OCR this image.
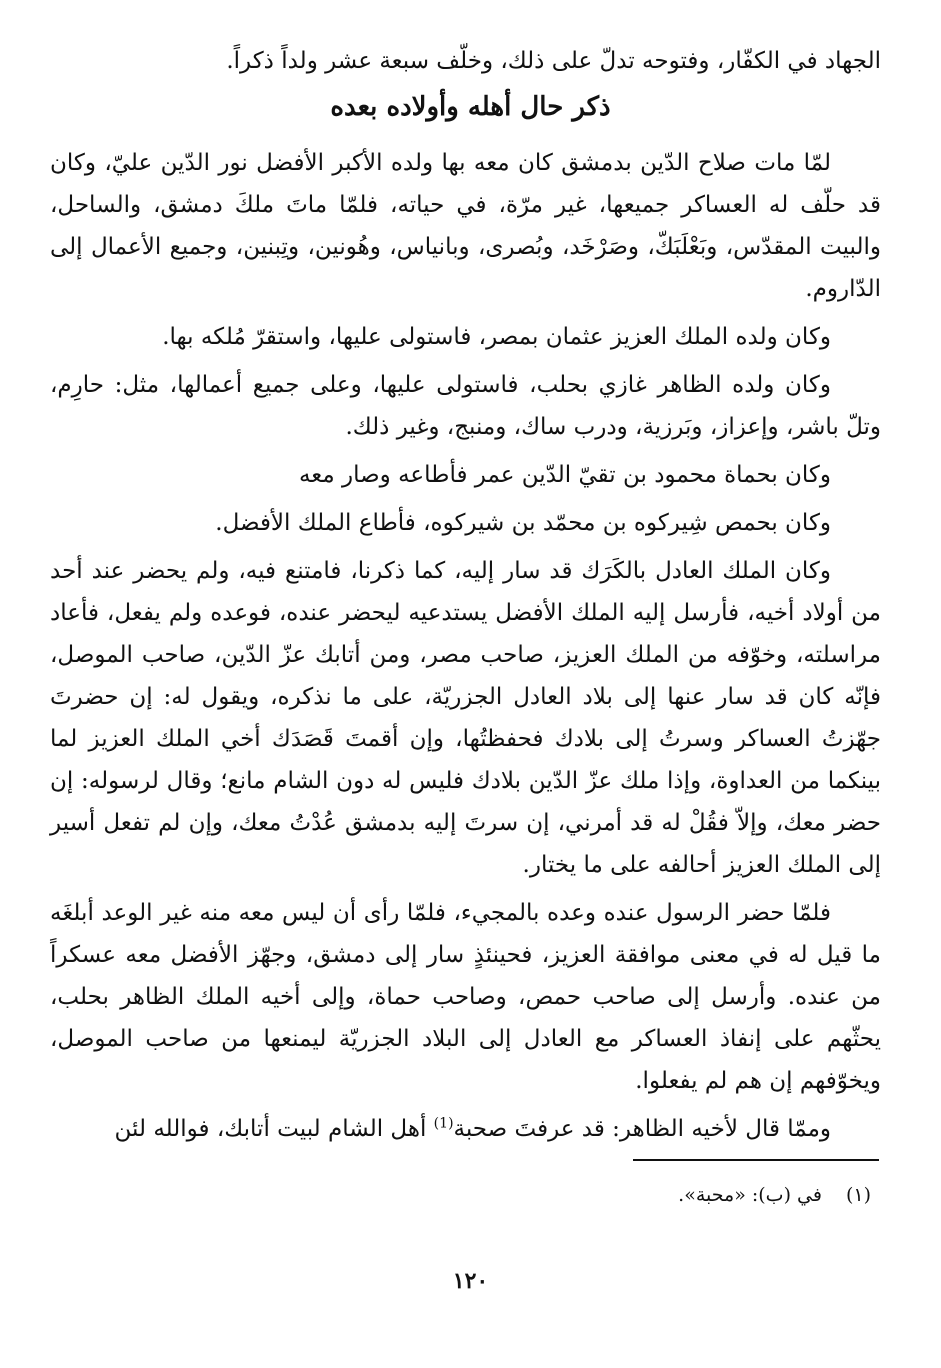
الجهاد في الكفّار، وفتوحه تدلّ على ذلك، وخلّف سبعة عشر ولداً ذكراً.

ذكر حال أهله وأولاده بعده

لمّا مات صلاح الدّين بدمشق كان معه بها ولده الأكبر الأفضل نور الدّين عليّ، وكان قد حلّف له العساكر جميعها، غير مرّة، في حياته، فلمّا ماتَ ملكَ دمشق، والساحل، والبيت المقدّس، وبَعْلَبَكّ، وصَرْخَد، وبُصرى، وبانياس، وهُونين، وتِبنين، وجميع الأعمال إلى الدّاروم.

وكان ولده الملك العزيز عثمان بمصر، فاستولى عليها، واستقرّ مُلكه بها.

وكان ولده الظاهر غازي بحلب، فاستولى عليها، وعلى جميع أعمالها، مثل: حارِم، وتلّ باشر، وإعزاز، وبَرزية، ودرب ساك، ومنبج، وغير ذلك.

وكان بحماة محمود بن تقيّ الدّين عمر فأطاعه وصار معه

وكان بحمص شِيركوه بن محمّد بن شيركوه، فأطاع الملك الأفضل.

وكان الملك العادل بالكَرَك قد سار إليه، كما ذكرنا، فامتنع فيه، ولم يحضر عند أحد من أولاد أخيه، فأرسل إليه الملك الأفضل يستدعيه ليحضر عنده، فوعده ولم يفعل، فأعاد مراسلته، وخوّفه من الملك العزيز، صاحب مصر، ومن أتابك عزّ الدّين، صاحب الموصل، فإنّه كان قد سار عنها إلى بلاد العادل الجزريّة، على ما نذكره، ويقول له: إن حضرتَ جهّزتُ العساكر وسرتُ إلى بلادك فحفظتُها، وإن أقمتَ قَصَدَك أخي الملك العزيز لما بينكما من العداوة، وإذا ملك عزّ الدّين بلادك فليس له دون الشام مانع؛ وقال لرسوله: إن حضر معك، وإلاّ فقُلْ له قد أمرني، إن سرتَ إليه بدمشق عُدْتُ معك، وإن لم تفعل أسير إلى الملك العزيز أحالفه على ما يختار.

فلمّا حضر الرسول عنده وعده بالمجيء، فلمّا رأى أن ليس معه منه غير الوعد أبلغَه ما قيل له في معنى موافقة العزيز، فحينئذٍ سار إلى دمشق، وجهّز الأفضل معه عسكراً من عنده. وأرسل إلى صاحب حمص، وصاحب حماة، وإلى أخيه الملك الظاهر بحلب، يحثّهم على إنفاذ العساكر مع العادل إلى البلاد الجزريّة ليمنعها من صاحب الموصل، ويخوّفهم إن هم لم يفعلوا.

وممّا قال لأخيه الظاهر: قد عرفتَ صحبة$^{(1)}$ أهل الشام لبيت أتابك، فوالله لئن

(١)في (ب): «محبة».
١٢٠
